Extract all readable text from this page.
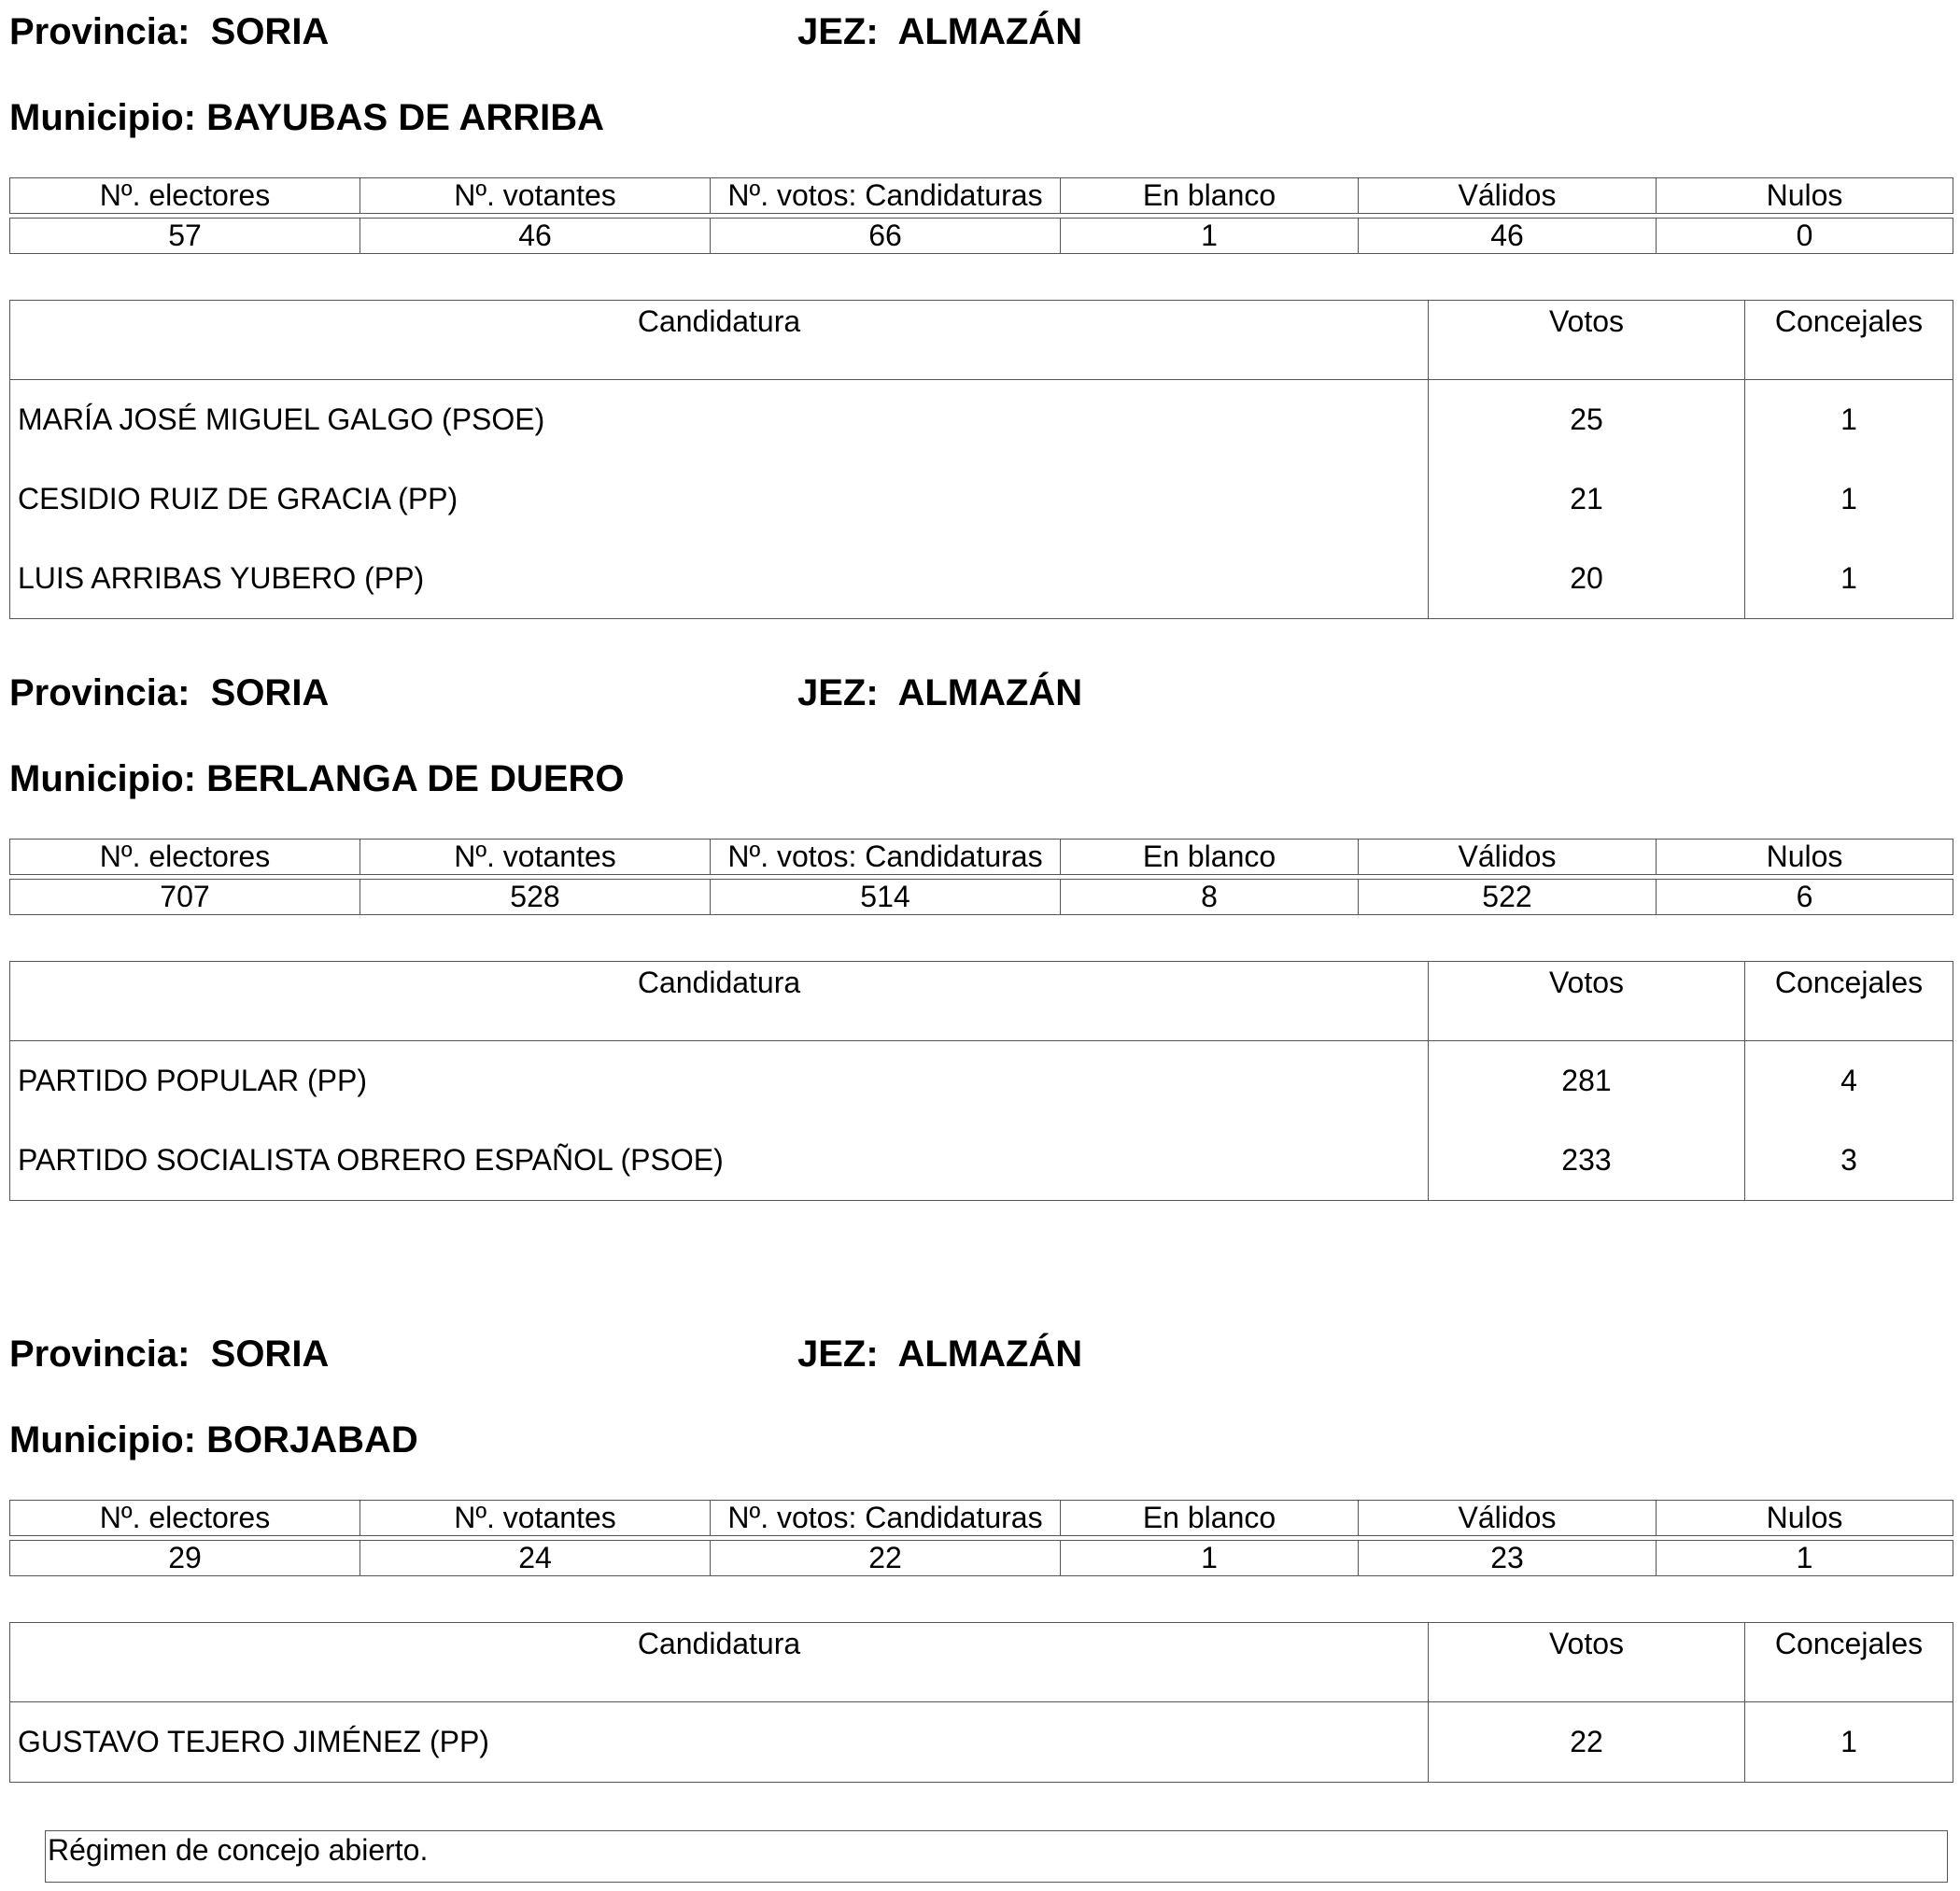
Provincia: SORIA	JEZ: ALMAZÁN
Municipio: BAYUBAS DE ARRIBA
Nº. electores	Nº. votantes	Nº. votos: Candidaturas	En blanco	Válidos	Nulos
57	46	66	1	46	0
Candidatura	Votos	Concejales
MARÍA JOSÉ MIGUEL GALGO (PSOE)	25	1
CESIDIO RUIZ DE GRACIA (PP)	21	1
LUIS ARRIBAS YUBERO (PP)	20	1
Provincia: SORIA	JEZ: ALMAZÁN
Municipio: BERLANGA DE DUERO
Nº. electores	Nº. votantes	Nº. votos: Candidaturas	En blanco	Válidos	Nulos
707	528	514	8	522	6
Candidatura	Votos	Concejales
PARTIDO POPULAR (PP)	281	4
PARTIDO SOCIALISTA OBRERO ESPAÑOL (PSOE)	233	3
Provincia: SORIA	JEZ: ALMAZÁN
Municipio: BORJABAD
Nº. electores	Nº. votantes	Nº. votos: Candidaturas	En blanco	Válidos	Nulos
29	24	22	1	23	1
Candidatura	Votos	Concejales
GUSTAVO TEJERO JIMÉNEZ (PP)	22	1
Régimen de concejo abierto.
